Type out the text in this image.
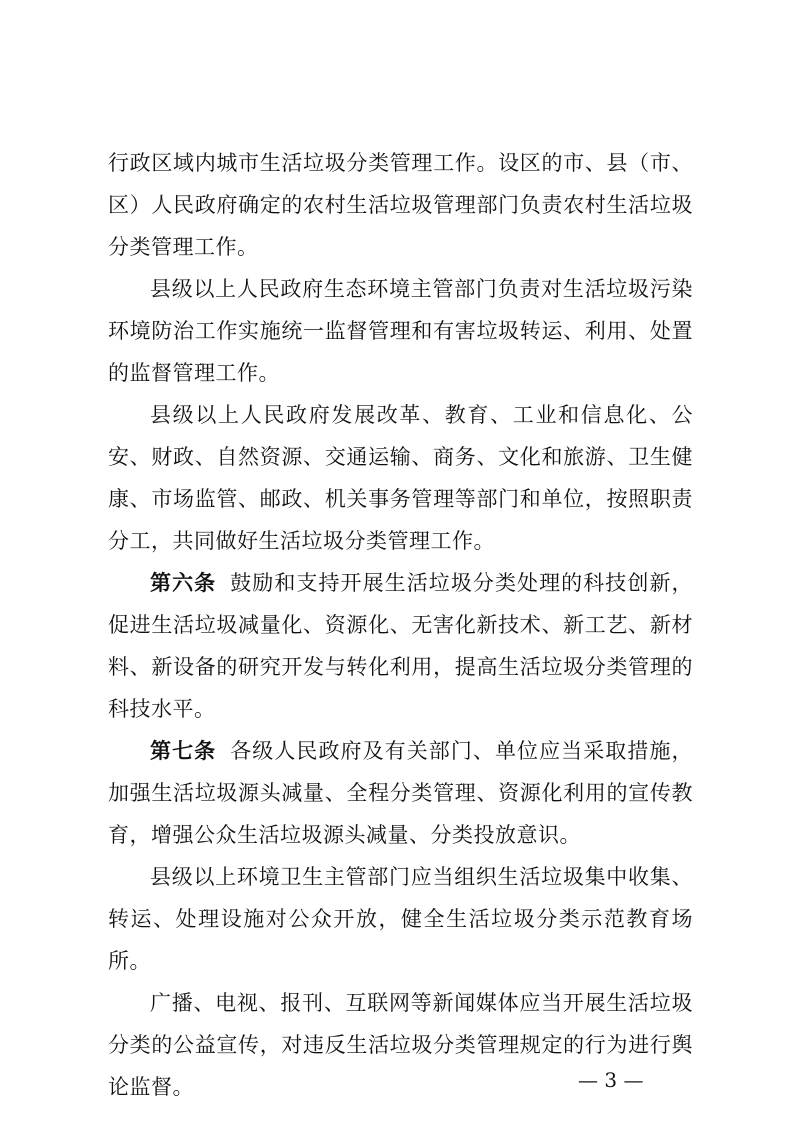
行政区域内城市生活垃圾分类管理工作。设区的市、县（市、区）人民政府确定的农村生活垃圾管理部门负责农村生活垃圾分类管理工作。

县级以上人民政府生态环境主管部门负责对生活垃圾污染环境防治工作实施统一监督管理和有害垃圾转运、利用、处置的监督管理工作。

县级以上人民政府发展改革、教育、工业和信息化、公安、财政、自然资源、交通运输、商务、文化和旅游、卫生健康、市场监管、邮政、机关事务管理等部门和单位，按照职责分工，共同做好生活垃圾分类管理工作。

第六条 鼓励和支持开展生活垃圾分类处理的科技创新，促进生活垃圾减量化、资源化、无害化新技术、新工艺、新材料、新设备的研究开发与转化利用，提高生活垃圾分类管理的科技水平。

第七条 各级人民政府及有关部门、单位应当采取措施，加强生活垃圾源头减量、全程分类管理、资源化利用的宣传教育，增强公众生活垃圾源头减量、分类投放意识。

县级以上环境卫生主管部门应当组织生活垃圾集中收集、转运、处理设施对公众开放，健全生活垃圾分类示范教育场所。

广播、电视、报刊、互联网等新闻媒体应当开展生活垃圾分类的公益宣传，对违反生活垃圾分类管理规定的行为进行舆论监督。	— 3 —
